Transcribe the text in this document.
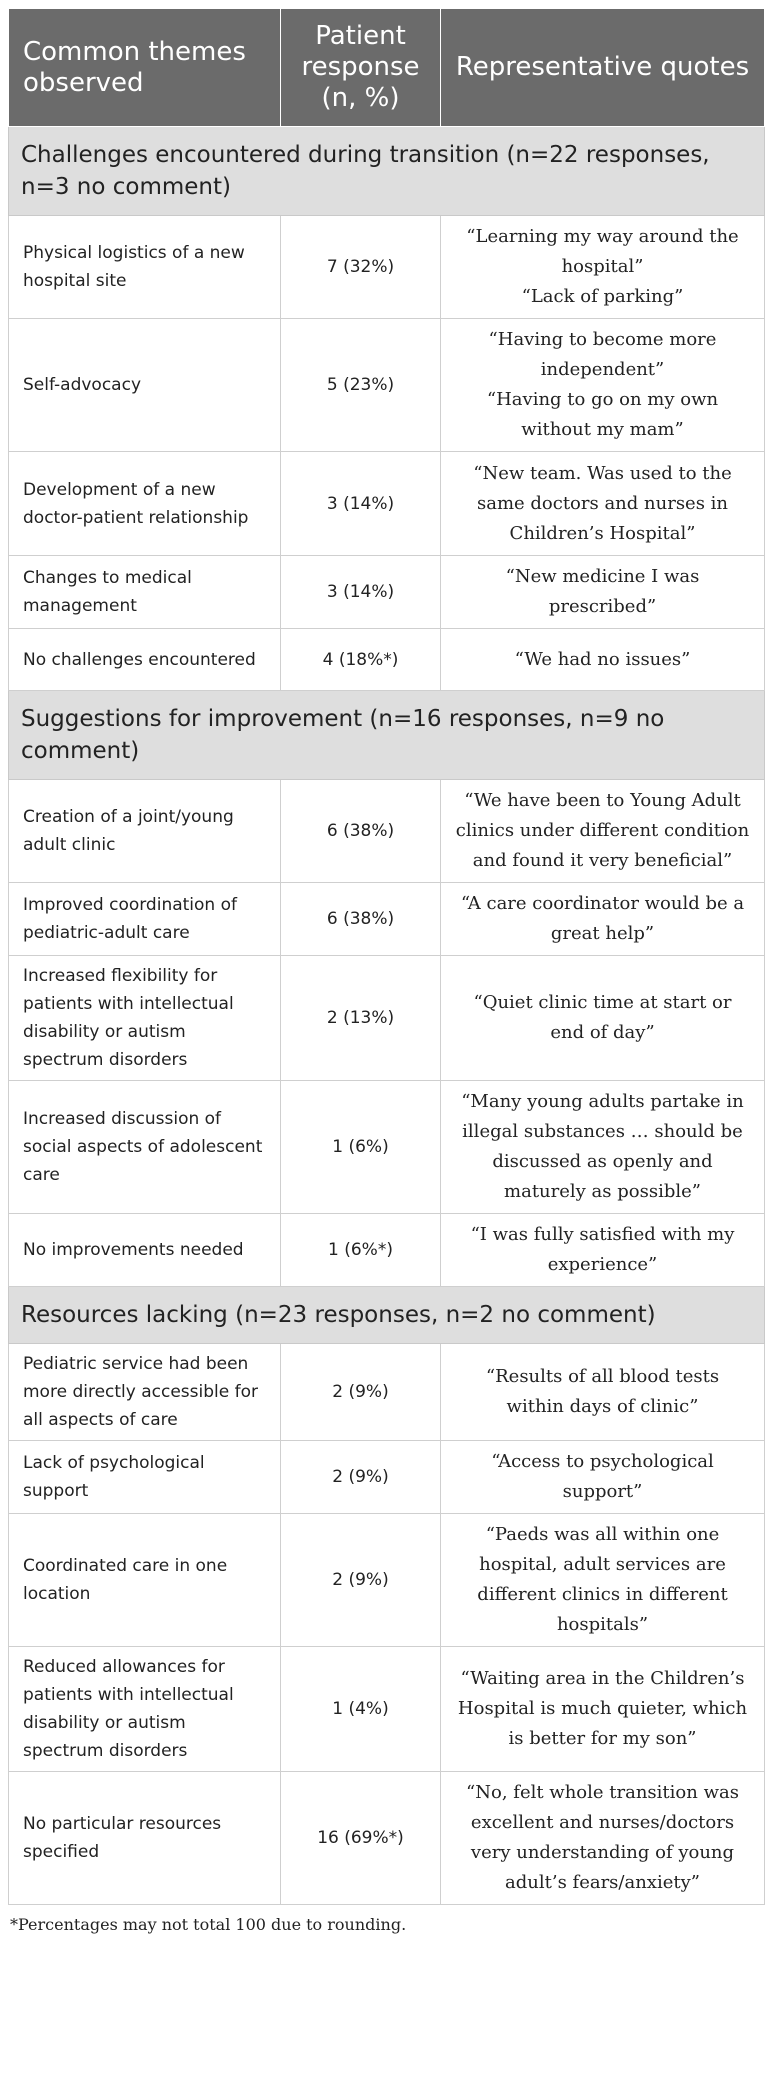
Common themes observed	Patient response (n, %)	Representative quotes
Challenges encountered during transition (n=22 responses, n=3 no comment)		
Physical logistics of a new hospital site	7 (32%)	“Learning my way around the hospital”
“Lack of parking”

Self-advocacy	5 (23%)	“Having to become more independent”
“Having to go on my own without my mam”

Development of a new doctor-patient relationship	3 (14%)	“New team. Was used to the same doctors and nurses in Children’s Hospital”

Changes to medical management	3 (14%)	“New medicine I was prescribed”

No challenges encountered	4 (18%*)	“We had no issues”

Suggestions for improvement (n=16 responses, n=9 no comment)		
Creation of a joint/young adult clinic	6 (38%)	“We have been to Young Adult clinics under different condition and found it very beneficial”

Improved coordination of pediatric-adult care	6 (38%)	“A care coordinator would be a great help”

Increased flexibility for patients with intellectual disability or autism spectrum disorders	2 (13%)	“Quiet clinic time at start or end of day”

Increased discussion of social aspects of adolescent care	1 (6%)	“Many young adults partake in illegal substances … should be discussed as openly and maturely as possible”

No improvements needed	1 (6%*)	“I was fully satisfied with my experience”

Resources lacking (n=23 responses, n=2 no comment)		
Pediatric service had been more directly accessible for all aspects of care	2 (9%)	“Results of all blood tests within days of clinic”

Lack of psychological support	2 (9%)	“Access to psychological support”

Coordinated care in one location	2 (9%)	“Paeds was all within one hospital, adult services are different clinics in different hospitals”

Reduced allowances for patients with intellectual disability or autism spectrum disorders	1 (4%)	“Waiting area in the Children’s Hospital is much quieter, which is better for my son”

No particular resources specified	16 (69%*)	“No, felt whole transition was excellent and nurses/doctors very understanding of young adult’s fears/anxiety”
*Percentages may not total 100 due to rounding.
